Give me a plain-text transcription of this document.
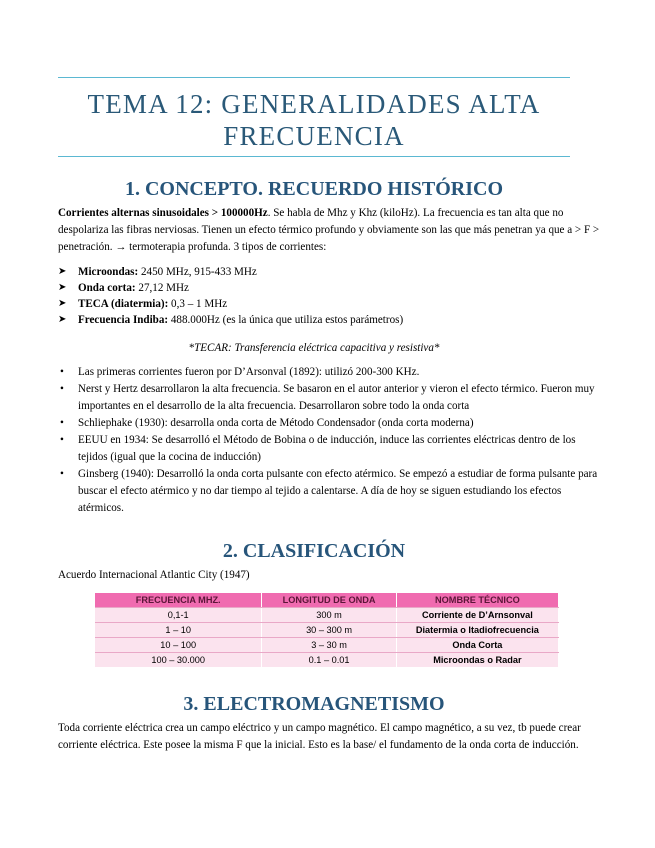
TEMA 12: GENERALIDADES ALTA FRECUENCIA
1. CONCEPTO. RECUERDO HISTÓRICO

Corrientes alternas sinusoidales > 100000Hz. Se habla de Mhz y Khz (kiloHz). La frecuencia es tan alta que no despolariza las fibras nerviosas. Tienen un efecto térmico profundo y obviamente son las que más penetran ya que a > F > penetración. → termoterapia profunda. 3 tipos de corrientes:

➤ Microondas: 2450 MHz, 915-433 MHz
➤ Onda corta: 27,12 MHz
➤ TECA (diatermia): 0,3 – 1 MHz
➤ Frecuencia Indiba: 488.000Hz (es la única que utiliza estos parámetros)
*TECAR: Transferencia eléctrica capacitiva y resistiva*
• Las primeras corrientes fueron por D’Arsonval (1892): utilizó 200-300 KHz.
• Nerst y Hertz desarrollaron la alta frecuencia. Se basaron en el autor anterior y vieron el efecto térmico. Fueron muy importantes en el desarrollo de la alta frecuencia. Desarrollaron sobre todo la onda corta
• Schliephake (1930): desarrolla onda corta de Método Condensador (onda corta moderna)
• EEUU en 1934: Se desarrolló el Método de Bobina o de inducción, induce las corrientes eléctricas dentro de los tejidos (igual que la cocina de inducción)
• Ginsberg (1940): Desarrolló la onda corta pulsante con efecto atérmico. Se empezó a estudiar de forma pulsante para buscar el efecto atérmico y no dar tiempo al tejido a calentarse. A día de hoy se siguen estudiando los efectos atérmicos.
2. CLASIFICACIÓN

Acuerdo Internacional Atlantic City (1947)

FRECUENCIA MHZ.	LONGITUD DE ONDA	NOMBRE TÉCNICO
0,1-1	300 m	Corriente de D’Arnsonval
1 – 10	30 – 300 m	Diatermia o Itadiofrecuencia
10 – 100	3 – 30 m	Onda Corta
100 – 30.000	0.1 – 0.01	Microondas o Radar
3. ELECTROMAGNETISMO

Toda corriente eléctrica crea un campo eléctrico y un campo magnético. El campo magnético, a su vez, tb puede crear corriente eléctrica. Este posee la misma F que la inicial. Esto es la base/ el fundamento de la onda corta de inducción.
